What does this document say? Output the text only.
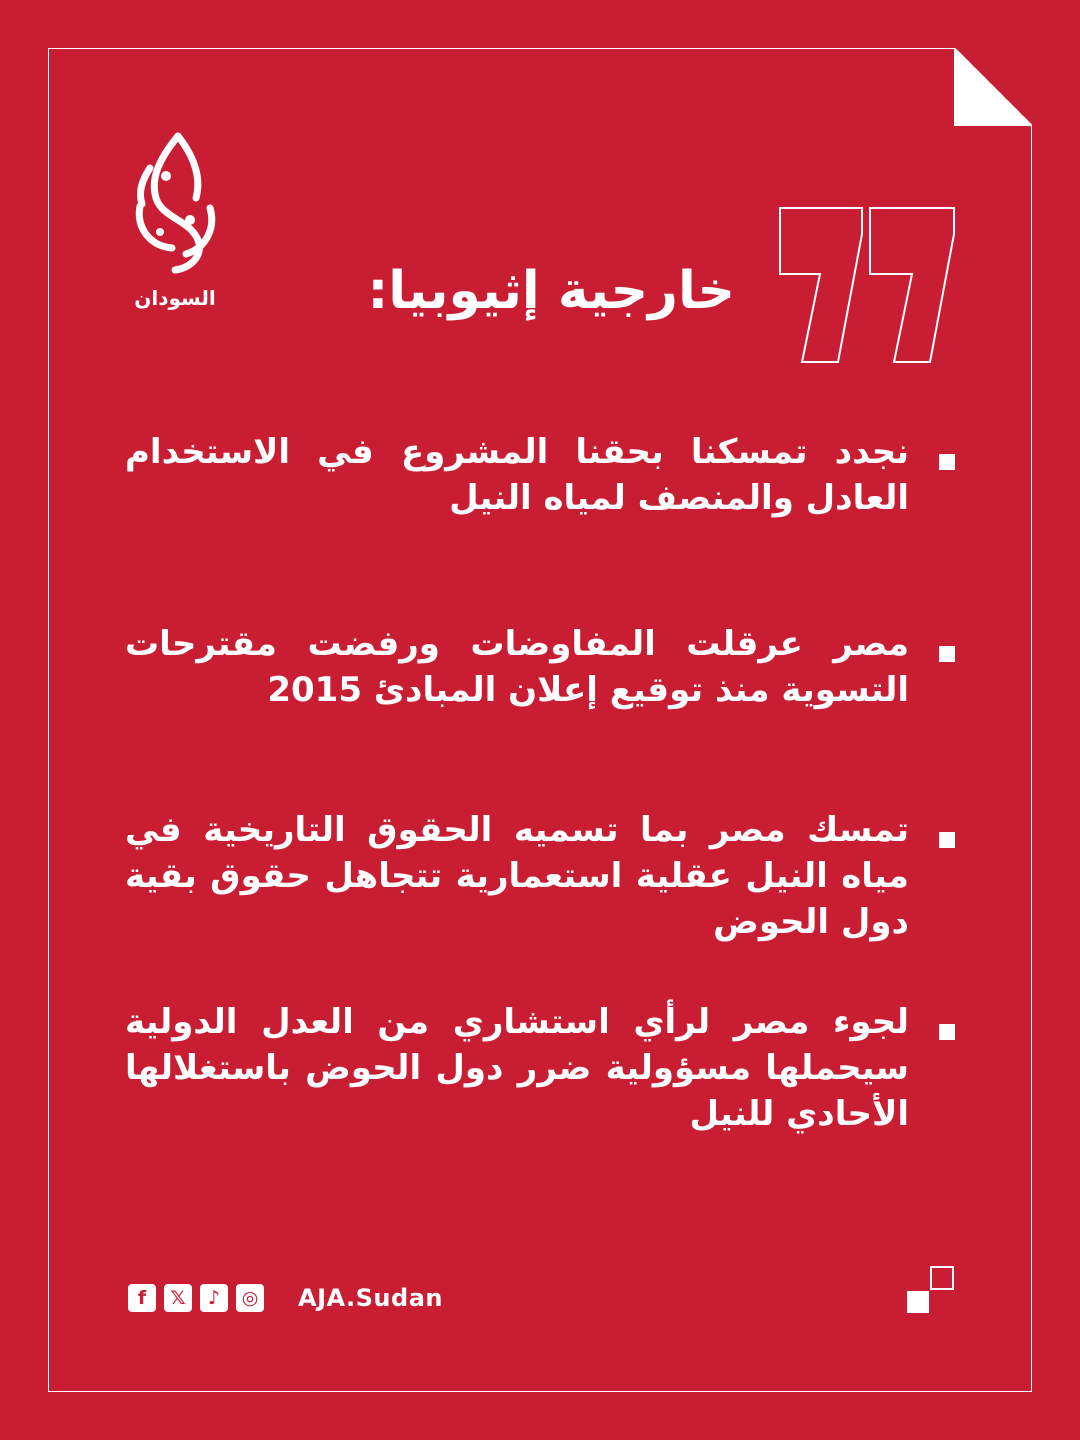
السودان	خارجية إثيوبيا:
نجدد تمسكنا بحقنا المشروع في الاستخدام العادل والمنصف لمياه النيل
مصر عرقلت المفاوضات ورفضت مقترحات التسوية منذ توقيع إعلان المبادئ 2015
تمسك مصر بما تسميه الحقوق التاريخية في مياه النيل عقلية استعمارية تتجاهل حقوق بقية دول الحوض
لجوء مصر لرأي استشاري من العدل الدولية سيحملها مسؤولية ضرر دول الحوض باستغلالها الأحادي للنيل
f	𝕏	♪	◎ AJA.Sudan
